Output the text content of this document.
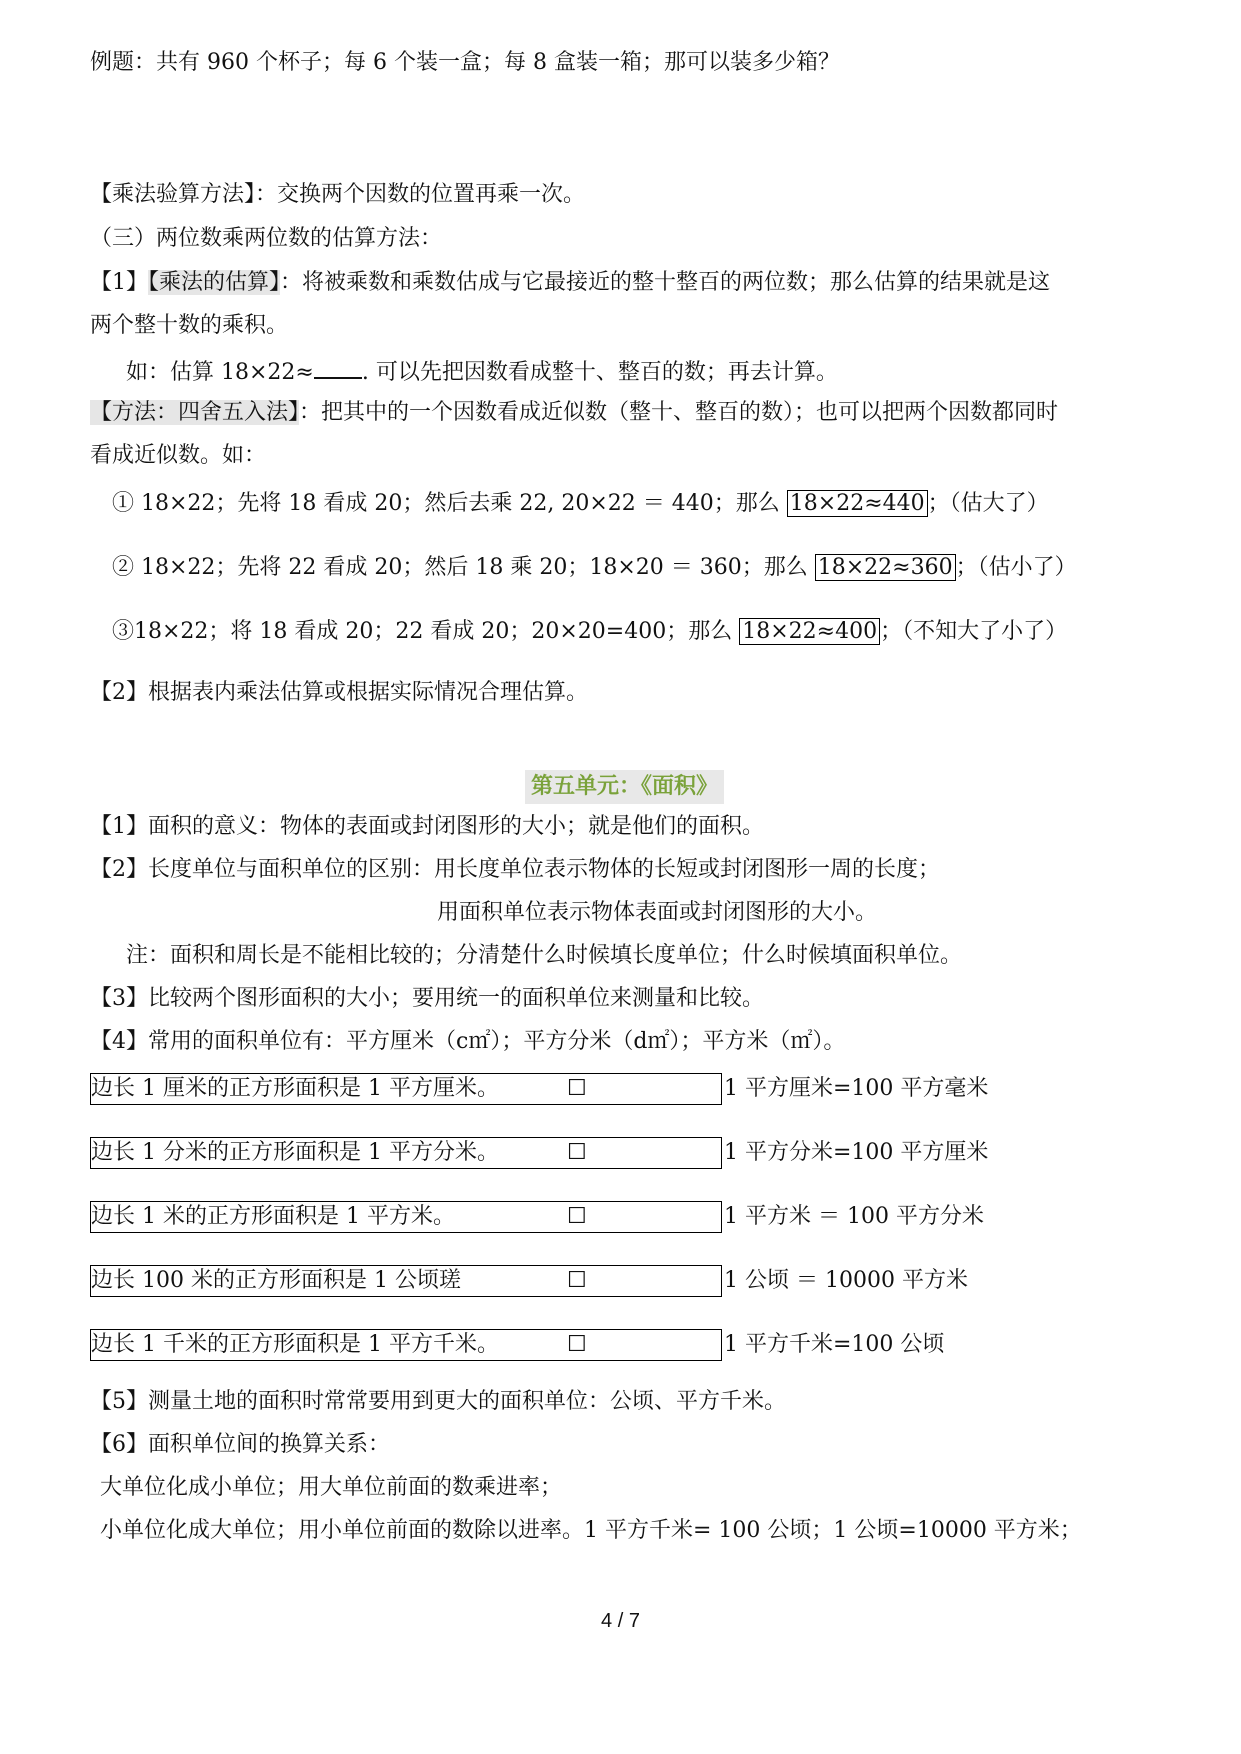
例题：共有 960 个杯子；每 6 个装一盒；每 8 盒装一箱；那可以装多少箱？
【乘法验算方法】：交换两个因数的位置再乘一次。
（三）两位数乘两位数的估算方法：
【1】【乘法的估算】：将被乘数和乘数估成与它最接近的整十整百的两位数；那么估算的结果就是这
两个整十数的乘积。
如：估算 18×22≈ . 可以先把因数看成整十、整百的数；再去计算。
【方法：四舍五入法】：把其中的一个因数看成近似数（整十、整百的数）；也可以把两个因数都同时
看成近似数。如：
① 18×22；先将 18 看成 20；然后去乘 22, 20×22 ＝ 440；那么 18×22≈440 ；（估大了）
② 18×22；先将 22 看成 20；然后 18 乘 20；18×20 ＝ 360；那么 18×22≈360 ；（估小了）
③18×22；将 18 看成 20；22 看成 20；20×20=400；那么 18×22≈400 ；（不知大了小了）
【2】根据表内乘法估算或根据实际情况合理估算。
第五单元：《面积》
【1】面积的意义：物体的表面或封闭图形的大小；就是他们的面积。
【2】长度单位与面积单位的区别：用长度单位表示物体的长短或封闭图形一周的长度；
用面积单位表示物体表面或封闭图形的大小。
注：面积和周长是不能相比较的；分清楚什么时候填长度单位；什么时候填面积单位。
【3】比较两个图形面积的大小；要用统一的面积单位来测量和比较。
【4】常用的面积单位有：平方厘米（c㎡）；平方分米（d㎡）；平方米（㎡）。
边长 1 厘米的正方形面积是 1 平方厘米。	☐	1 平方厘米=100 平方毫米
边长 1 分米的正方形面积是 1 平方分米。	☐	1 平方分米=100 平方厘米
边长 1 米的正方形面积是 1 平方米。	☐	1 平方米 ＝ 100 平方分米
边长 100 米的正方形面积是 1 公顷瑳	☐	1 公顷 ＝ 10000 平方米
边长 1 千米的正方形面积是 1 平方千米。	☐	1 平方千米=100 公顷
【5】测量土地的面积时常常要用到更大的面积单位：公顷、平方千米。
【6】面积单位间的换算关系：
大单位化成小单位；用大单位前面的数乘进率；
小单位化成大单位；用小单位前面的数除以进率。1 平方千米= 100 公顷；1 公顷=10000 平方米；
4 / 7
